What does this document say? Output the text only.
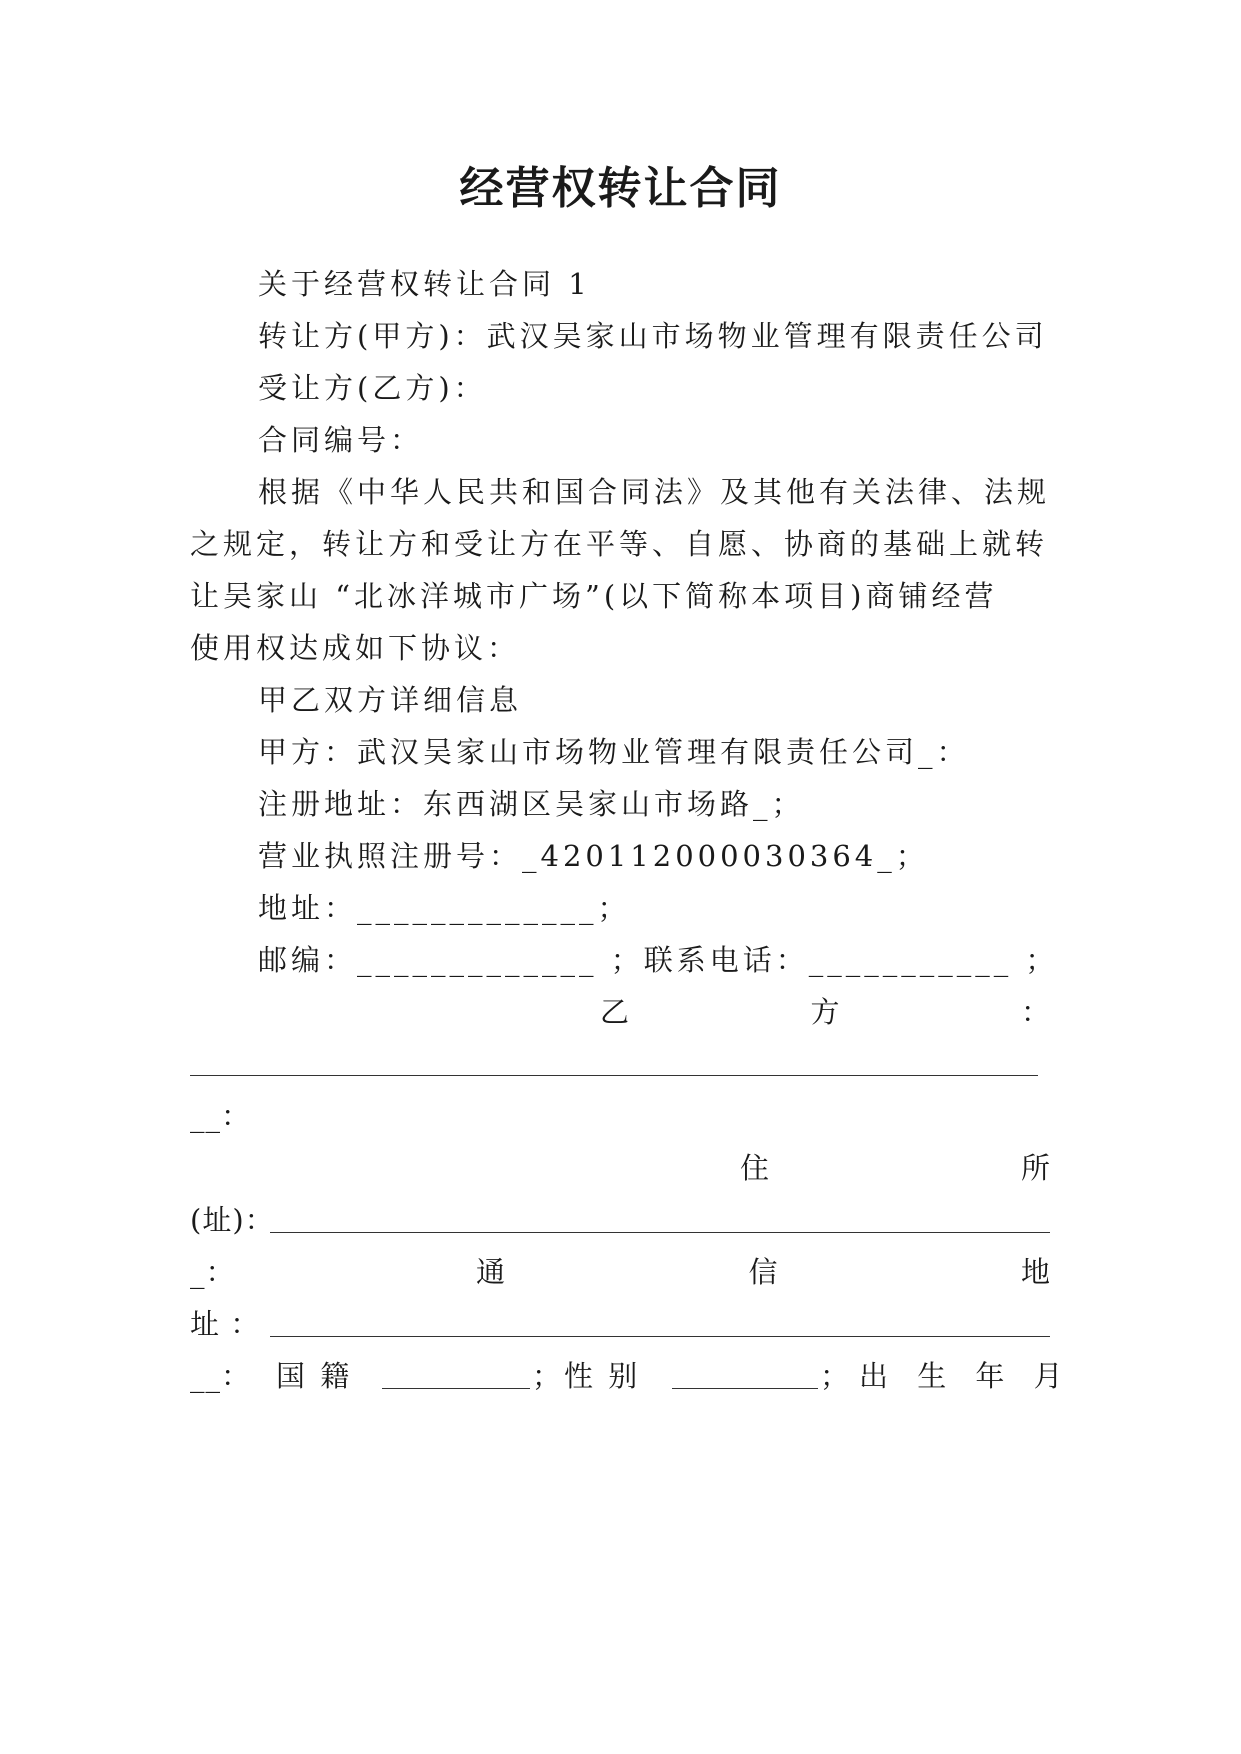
经营权转让合同
关于经营权转让合同 1
转让方(甲方)：武汉吴家山市场物业管理有限责任公司
受让方(乙方)：
合同编号：
根据《中华人民共和国合同法》及其他有关法律、法规
之规定，转让方和受让方在平等、自愿、协商的基础上就转
让吴家山 “北冰洋城市广场”(以下简称本项目)商铺经营
使用权达成如下协议：
甲乙双方详细信息
甲方：武汉吴家山市场物业管理有限责任公司_：
注册地址：东西湖区吴家山市场路_；
营业执照注册号：_420112000030364_；
地址：_____________；
邮编：_____________ ；联系电话：___________ ；
乙	方	：
__：
住	所
(址)：
_：	通	信	地
址 ：
__： 国 籍	；性 别	；出 生 年 月
